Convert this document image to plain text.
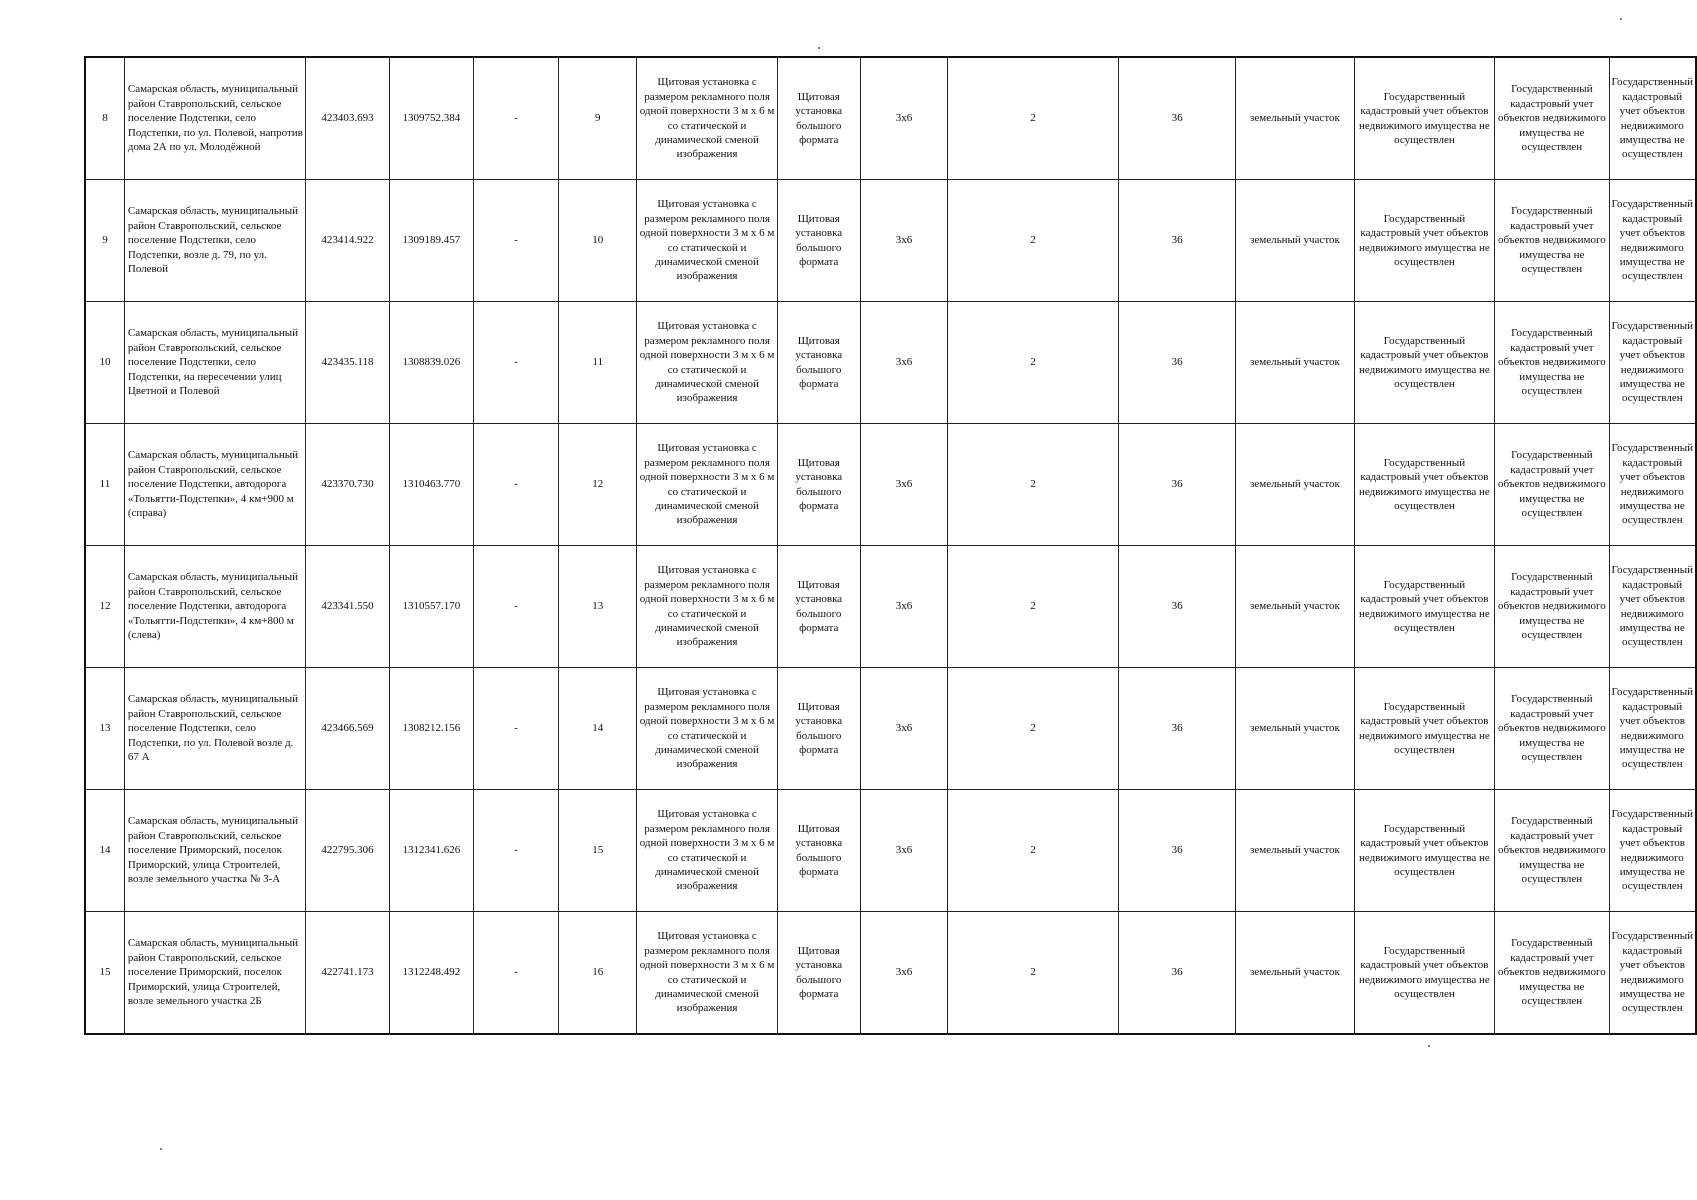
8	Самарская область, муниципальный район Ставропольский, сельское поселение Подстепки, село Подстепки, по ул. Полевой, напротив дома 2А по ул. Молодёжной	423403.693	1309752.384	-	9	Щитовая установка с размером рекламного поля одной поверхности 3 м х 6 м со статической и динамической сменой изображения	Щитовая установка большого формата	3х6	2	36	земельный участок	Государственный кадастровый учет объектов недвижимого имущества не осуществлен	Государственный кадастровый учет объектов недвижимого имущества не осуществлен	Государственный кадастровый учет объектов недвижимого имущества не осуществлен
9	Самарская область, муниципальный район Ставропольский, сельское поселение Подстепки, село Подстепки, возле д. 79, по ул. Полевой	423414.922	1309189.457	-	10	Щитовая установка с размером рекламного поля одной поверхности 3 м х 6 м со статической и динамической сменой изображения	Щитовая установка большого формата	3х6	2	36	земельный участок	Государственный кадастровый учет объектов недвижимого имущества не осуществлен	Государственный кадастровый учет объектов недвижимого имущества не осуществлен	Государственный кадастровый учет объектов недвижимого имущества не осуществлен
10	Самарская область, муниципальный район Ставропольский, сельское поселение Подстепки, село Подстепки, на пересечении улиц Цветной и Полевой	423435.118	1308839.026	-	11	Щитовая установка с размером рекламного поля одной поверхности 3 м х 6 м со статической и динамической сменой изображения	Щитовая установка большого формата	3х6	2	36	земельный участок	Государственный кадастровый учет объектов недвижимого имущества не осуществлен	Государственный кадастровый учет объектов недвижимого имущества не осуществлен	Государственный кадастровый учет объектов недвижимого имущества не осуществлен
11	Самарская область, муниципальный район Ставропольский, сельское поселение Подстепки, автодорога «Тольятти-Подстепки», 4 км+900 м (справа)	423370.730	1310463.770	-	12	Щитовая установка с размером рекламного поля одной поверхности 3 м х 6 м со статической и динамической сменой изображения	Щитовая установка большого формата	3х6	2	36	земельный участок	Государственный кадастровый учет объектов недвижимого имущества не осуществлен	Государственный кадастровый учет объектов недвижимого имущества не осуществлен	Государственный кадастровый учет объектов недвижимого имущества не осуществлен
12	Самарская область, муниципальный район Ставропольский, сельское поселение Подстепки, автодорога «Тольятти-Подстепки», 4 км+800 м (слева)	423341.550	1310557.170	-	13	Щитовая установка с размером рекламного поля одной поверхности 3 м х 6 м со статической и динамической сменой изображения	Щитовая установка большого формата	3х6	2	36	земельный участок	Государственный кадастровый учет объектов недвижимого имущества не осуществлен	Государственный кадастровый учет объектов недвижимого имущества не осуществлен	Государственный кадастровый учет объектов недвижимого имущества не осуществлен
13	Самарская область, муниципальный район Ставропольский, сельское поселение Подстепки, село Подстепки, по ул. Полевой возле д. 67 А	423466.569	1308212.156	-	14	Щитовая установка с размером рекламного поля одной поверхности 3 м х 6 м со статической и динамической сменой изображения	Щитовая установка большого формата	3х6	2	36	земельный участок	Государственный кадастровый учет объектов недвижимого имущества не осуществлен	Государственный кадастровый учет объектов недвижимого имущества не осуществлен	Государственный кадастровый учет объектов недвижимого имущества не осуществлен
14	Самарская область, муниципальный район Ставропольский, сельское поселение Приморский, поселок Приморский, улица Строителей, возле земельного участка № 3-А	422795.306	1312341.626	-	15	Щитовая установка с размером рекламного поля одной поверхности 3 м х 6 м со статической и динамической сменой изображения	Щитовая установка большого формата	3х6	2	36	земельный участок	Государственный кадастровый учет объектов недвижимого имущества не осуществлен	Государственный кадастровый учет объектов недвижимого имущества не осуществлен	Государственный кадастровый учет объектов недвижимого имущества не осуществлен
15	Самарская область, муниципальный район Ставропольский, сельское поселение Приморский, поселок Приморский, улица Строителей, возле земельного участка 2Б	422741.173	1312248.492	-	16	Щитовая установка с размером рекламного поля одной поверхности 3 м х 6 м со статической и динамической сменой изображения	Щитовая установка большого формата	3х6	2	36	земельный участок	Государственный кадастровый учет объектов недвижимого имущества не осуществлен	Государственный кадастровый учет объектов недвижимого имущества не осуществлен	Государственный кадастровый учет объектов недвижимого имущества не осуществлен
